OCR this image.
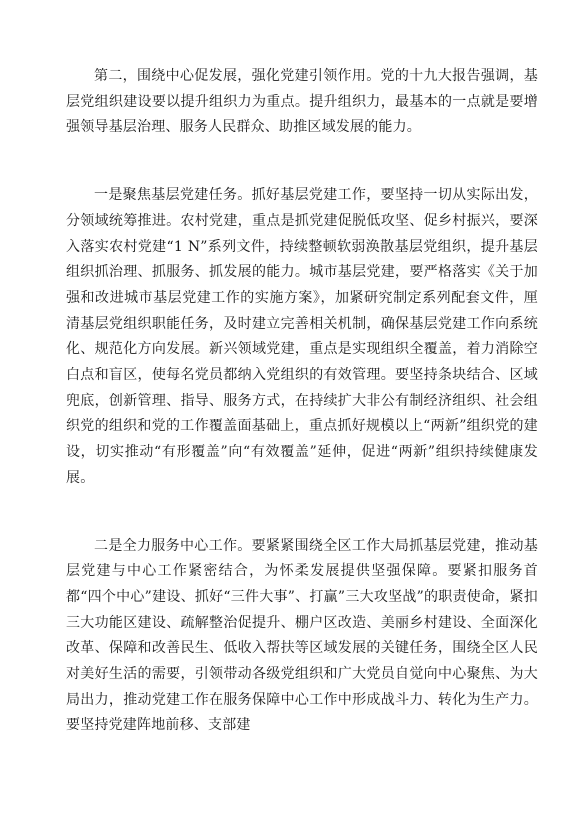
第二，围绕中心促发展，强化党建引领作用。党的十九大报告强调，基层党组织建设要以提升组织力为重点。提升组织力，最基本的一点就是要增强领导基层治理、服务人民群众、助推区域发展的能力。

一是聚焦基层党建任务。抓好基层党建工作，要坚持一切从实际出发，分领域统筹推进。农村党建，重点是抓党建促脱低攻坚、促乡村振兴，要深入落实农村党建“1 N”系列文件，持续整顿软弱涣散基层党组织，提升基层组织抓治理、抓服务、抓发展的能力。城市基层党建，要严格落实《关于加强和改进城市基层党建工作的实施方案》，加紧研究制定系列配套文件，厘清基层党组织职能任务，及时建立完善相关机制，确保基层党建工作向系统化、规范化方向发展。新兴领域党建，重点是实现组织全覆盖，着力消除空白点和盲区，使每名党员都纳入党组织的有效管理。要坚持条块结合、区域兜底，创新管理、指导、服务方式，在持续扩大非公有制经济组织、社会组织党的组织和党的工作覆盖面基础上，重点抓好规模以上“两新”组织党的建设，切实推动“有形覆盖”向“有效覆盖”延伸，促进“两新”组织持续健康发展。

二是全力服务中心工作。要紧紧围绕全区工作大局抓基层党建，推动基层党建与中心工作紧密结合，为怀柔发展提供坚强保障。要紧扣服务首都“四个中心”建设、抓好“三件大事”、打赢”三大攻坚战”的职责使命，紧扣三大功能区建设、疏解整治促提升、棚户区改造、美丽乡村建设、全面深化改革、保障和改善民生、低收入帮扶等区域发展的关键任务，围绕全区人民对美好生活的需要，引领带动各级党组织和广大党员自觉向中心聚焦、为大局出力，推动党建工作在服务保障中心工作中形成战斗力、转化为生产力。要坚持党建阵地前移、支部建
